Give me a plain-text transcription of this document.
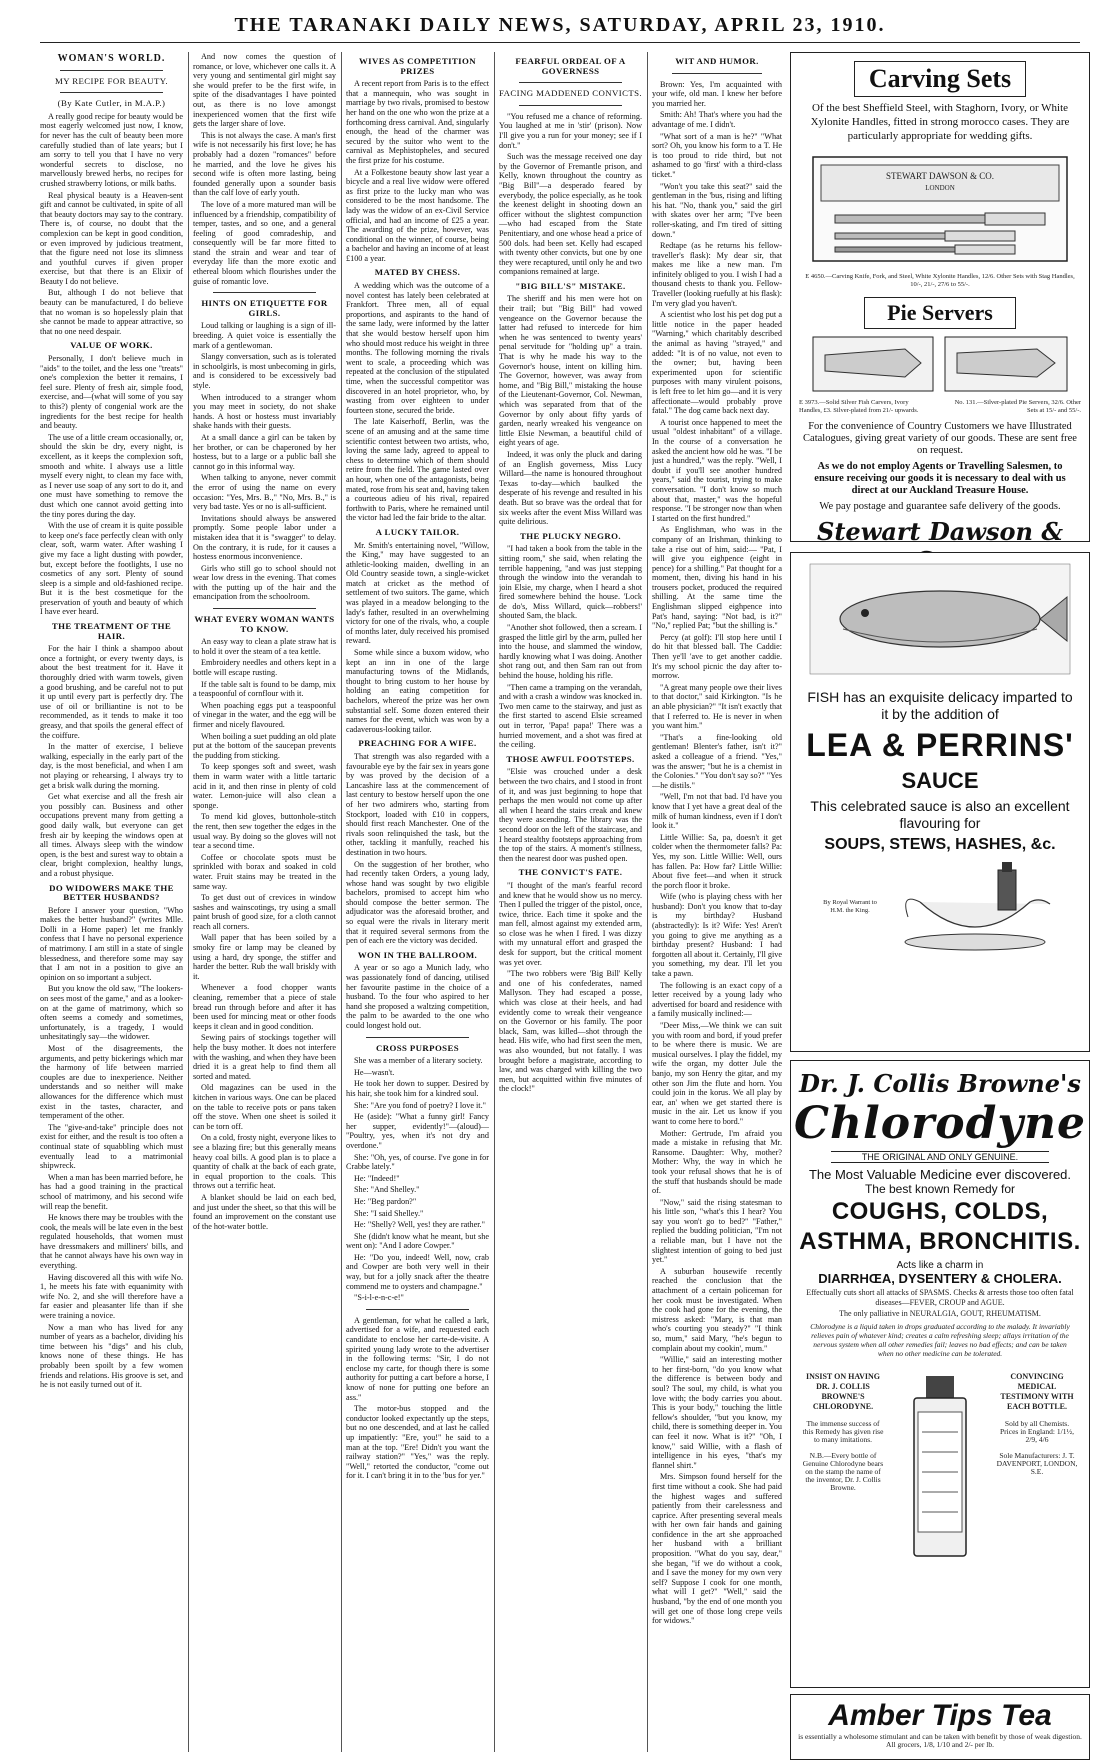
THE TARANAKI DAILY NEWS, SATURDAY, APRIL 23, 1910.
WOMAN'S WORLD.
MY RECIPE FOR BEAUTY.
(By Kate Cutler, in M.A.P.)

A really good recipe for beauty would be most eagerly welcomed just now, I know, for never has the cult of beauty been more carefully studied than of late years; but I am sorry to tell you that I have no very wonderful secrets to disclose, no marvellously brewed herbs, no recipes for crushed strawberry lotions, or milk baths.

Real physical beauty is a Heaven-sent gift and cannot be cultivated, in spite of all that beauty doctors may say to the contrary. There is, of course, no doubt that the complexion can be kept in good condition, or even improved by judicious treatment, that the figure need not lose its slimness and youthful curves if given proper exercise, but that there is an Elixir of Beauty I do not believe.

But, although I do not believe that beauty can be manufactured, I do believe that no woman is so hopelessly plain that she cannot be made to appear attractive, so that no one need despair.

VALUE OF WORK.

Personally, I don't believe much in "aids" to the toilet, and the less one "treats" one's complexion the better it remains, I feel sure. Plenty of fresh air, simple food, exercise, and—(what will some of you say to this?) plenty of congenial work are the ingredients for the best recipe for health and beauty.

The use of a little cream occasionally, or, should the skin be dry, every night, is excellent, as it keeps the complexion soft, smooth and white. I always use a little myself every night, to clean my face with, as I never use soap of any sort to do it, and one must have something to remove the dust which one cannot avoid getting into the tiny pores during the day.

With the use of cream it is quite possible to keep one's face perfectly clean with only clear, soft, warm water. After washing I give my face a light dusting with powder, but, except before the footlights, I use no cosmetics of any sort. Plenty of sound sleep is a simple and old-fashioned recipe. But it is the best cosmetique for the preservation of youth and beauty of which I have ever heard.

THE TREATMENT OF THE HAIR.

For the hair I think a shampoo about once a fortnight, or every twenty days, is about the best treatment for it. Have it thoroughly dried with warm towels, given a good brushing, and be careful not to put it up until every part is perfectly dry. The use of oil or brilliantine is not to be recommended, as it tends to make it too greasy, and that spoils the general effect of the coiffure.

In the matter of exercise, I believe walking, especially in the early part of the day, is the most beneficial, and when I am not playing or rehearsing, I always try to get a brisk walk during the morning.

Get what exercise and all the fresh air you possibly can. Business and other occupations prevent many from getting a good daily walk, but everyone can get fresh air by keeping the windows open at all times. Always sleep with the window open, is the best and surest way to obtain a clear, bright complexion, healthy lungs, and a robust physique.

DO WIDOWERS MAKE THE BETTER HUSBANDS?

Before I answer your question, "Who makes the better husband?" (writes Mlle. Dolli in a Home paper) let me frankly confess that I have no personal experience of matrimony. I am still in a state of single blessedness, and therefore some may say that I am not in a position to give an opinion on so important a subject.

But you know the old saw, "The lookers-on sees most of the game," and as a looker-on at the game of matrimony, which so often seems a comedy and sometimes, unfortunately, is a tragedy, I would unhesitatingly say—the widower.

Most of the disagreements, the arguments, and petty bickerings which mar the harmony of life between married couples are due to inexperience. Neither understands and so neither will make allowances for the difference which must exist in the tastes, character, and temperament of the other.

The "give-and-take" principle does not exist for either, and the result is too often a continual state of squabbling which must eventually lead to a matrimonial shipwreck.

When a man has been married before, he has had a good training in the practical school of matrimony, and his second wife will reap the benefit.

He knows there may be troubles with the cook, the meals will be late even in the best regulated households, that women must have dressmakers and milliners' bills, and that he cannot always have his own way in everything.

Having discovered all this with wife No. 1, he meets his fate with equanimity with wife No. 2, and she will therefore have a far easier and pleasanter life than if she were training a novice.

Now a man who has lived for any number of years as a bachelor, dividing his time between his "digs" and his club, knows none of these things. He has probably been spoilt by a few women friends and relations. His groove is set, and he is not easily turned out of it.

And now comes the question of romance, or love, whichever one calls it. A very young and sentimental girl might say she would prefer to be the first wife, in spite of the disadvantages I have pointed out, as there is no love amongst inexperienced women that the first wife gets the larger share of love.

This is not always the case. A man's first wife is not necessarily his first love; he has probably had a dozen "romances" before he married, and the love he gives his second wife is often more lasting, being founded generally upon a sounder basis than the calf love of early youth.

The love of a more matured man will be influenced by a friendship, compatibility of temper, tastes, and so one, and a general feeling of good comradeship, and consequently will be far more fitted to stand the strain and wear and tear of everyday life than the more exotic and ethereal bloom which flourishes under the guise of romantic love.

HINTS ON ETIQUETTE FOR GIRLS.

Loud talking or laughing is a sign of ill-breeding. A quiet voice is essentially the mark of a gentlewoman.

Slangy conversation, such as is tolerated in schoolgirls, is most unbecoming in girls, and is considered to be excessively bad style.

When introduced to a stranger whom you may meet in society, do not shake hands. A host or hostess must invariably shake hands with their guests.

At a small dance a girl can be taken by her brother, or can be chaperoned by her hostess, but to a large or a public ball she cannot go in this informal way.

When talking to anyone, never commit the error of using the name on every occasion: "Yes, Mrs. B.," "No, Mrs. B.," is very bad taste. Yes or no is all-sufficient.

Invitations should always be answered promptly. Some people labor under a mistaken idea that it is "swagger" to delay. On the contrary, it is rude, for it causes a hostess enormous inconvenience.

Girls who still go to school should not wear low dress in the evening. That comes with the putting up of the hair and the emancipation from the schoolroom.

WHAT EVERY WOMAN WANTS TO KNOW.

An easy way to clean a plate straw hat is to hold it over the steam of a tea kettle.

Embroidery needles and others kept in a bottle will escape rusting.

If the table salt is found to be damp, mix a teaspoonful of cornflour with it.

When poaching eggs put a teaspoonful of vinegar in the water, and the egg will be firmer and nicely flavoured.

When boiling a suet pudding an old plate put at the bottom of the saucepan prevents the pudding from sticking.

To keep sponges soft and sweet, wash them in warm water with a little tartaric acid in it, and then rinse in plenty of cold water. Lemon-juice will also clean a sponge.

To mend kid gloves, buttonhole-stitch the rent, then sew together the edges in the usual way. By doing so the gloves will not tear a second time.

Coffee or chocolate spots must be sprinkled with borax and soaked in cold water. Fruit stains may be treated in the same way.

To get dust out of crevices in window sashes and wainscotings, try using a small paint brush of good size, for a cloth cannot reach all corners.

Wall paper that has been soiled by a smoky fire or lamp may be cleaned by using a hard, dry sponge, the stiffer and harder the better. Rub the wall briskly with it.

Whenever a food chopper wants cleaning, remember that a piece of stale bread run through before and after it has been used for mincing meat or other foods keeps it clean and in good condition.

Sewing pairs of stockings together will help the busy mother. It does not interfere with the washing, and when they have been dried it is a great help to find them all sorted and mated.

Old magazines can be used in the kitchen in various ways. One can be placed on the table to receive pots or pans taken off the stove. When one sheet is soiled it can be torn off.

On a cold, frosty night, everyone likes to see a blazing fire; but this generally means heavy coal bills. A good plan is to place a quantity of chalk at the back of each grate, in equal proportion to the coals. This throws out a terrific heat.

A blanket should be laid on each bed, and just under the sheet, so that this will be found an improvement on the constant use of the hot-water bottle.

WIVES AS COMPETITION PRIZES

A recent report from Paris is to the effect that a mannequin, who was sought in marriage by two rivals, promised to bestow her hand on the one who won the prize at a forthcoming dress carnival. And, singularly enough, the head of the charmer was secured by the suitor who went to the carnival as Mephistopheles, and secured the first prize for his costume.

At a Folkestone beauty show last year a bicycle and a real live widow were offered as first prize to the lucky man who was considered to be the most handsome. The lady was the widow of an ex-Civil Service official, and had an income of £25 a year. The awarding of the prize, however, was conditional on the winner, of course, being a bachelor and having an income of at least £100 a year.

MATED BY CHESS.

A wedding which was the outcome of a novel contest has lately been celebrated at Frankfort. Three men, all of equal proportions, and aspirants to the hand of the same lady, were informed by the latter that she would bestow herself upon him who should most reduce his weight in three months. The following morning the rivals went to scale, a proceeding which was repeated at the conclusion of the stipulated time, when the successful competitor was discovered in an hotel proprietor, who, by wasting from over eighteen to under fourteen stone, secured the bride.

The late Kaiserhoff, Berlin, was the scene of an amusing and at the same time scientific contest between two artists, who, loving the same lady, agreed to appeal to chess to determine which of them should retire from the field. The game lasted over an hour, when one of the antagonists, being mated, rose from his seat and, having taken a courteous adieu of his rival, repaired forthwith to Paris, where he remained until the victor had led the fair bride to the altar.

A LUCKY TAILOR.

Mr. Smith's entertaining novel, "Willow, the King," may have suggested to an athletic-looking maiden, dwelling in an Old Country seaside town, a single-wicket match at cricket as the method of settlement of two suitors. The game, which was played in a meadow belonging to the lady's father, resulted in an overwhelming victory for one of the rivals, who, a couple of months later, duly received his promised reward.

Some while since a buxom widow, who kept an inn in one of the large manufacturing towns of the Midlands, thought to bring custom to her house by holding an eating competition for bachelors, whereof the prize was her own substantial self. Some dozen entered their names for the event, which was won by a cadaverous-looking tailor.

PREACHING FOR A WIFE.

That strength was also regarded with a favourable eye by the fair sex in years gone by was proved by the decision of a Lancashire lass at the commencement of last century to bestow herself upon the one of her two admirers who, starting from Stockport, loaded with £10 in coppers, should first reach Manchester. One of the rivals soon relinquished the task, but the other, tackling it manfully, reached his destination in two hours.

On the suggestion of her brother, who had recently taken Orders, a young lady, whose hand was sought by two eligible bachelors, promised to accept him who should compose the better sermon. The adjudicator was the aforesaid brother, and so equal were the rivals in literary merit that it required several sermons from the pen of each ere the victory was decided.

WON IN THE BALLROOM.

A year or so ago a Munich lady, who was passionately fond of dancing, utilised her favourite pastime in the choice of a husband. To the four who aspired to her hand she proposed a waltzing competition, the palm to be awarded to the one who could longest hold out.

CROSS PURPOSES

She was a member of a literary society.

He—wasn't.

He took her down to supper. Desired by his hair, she took him for a kindred soul.

She: "Are you fond of poetry? I love it."

He (aside): "What a funny girl! Fancy her supper, evidently!"—(aloud)— "Poultry, yes, when it's not dry and overdone."

She: "Oh, yes, of course. I've gone in for Crabbe lately."

He: "Indeed!"

She: "And Shelley."

He: "Beg pardon?"

She: "I said Shelley."

He: "Shelly? Well, yes! they are rather."

She (didn't know what he meant, but she went on): "And I adore Cowper."

He: "Do you, indeed! Well, now, crab and Cowper are both very well in their way, but for a jolly snack after the theatre commend me to oysters and champagne."

"S-i-l-e-n-c-e!"

A gentleman, for what he called a lark, advertised for a wife, and requested each candidate to enclose her carte-de-visite. A spirited young lady wrote to the advertiser in the following terms: "Sir, I do not enclose my carte, for though there is some authority for putting a cart before a horse, I know of none for putting one before an ass."

The motor-bus stopped and the conductor looked expectantly up the steps, but no one descended, and at last he called up impatiently: "Ere, you!" he said to a man at the top. "Ere! Didn't you want the railway station?" "Yes," was the reply. "Well," retorted the conductor, "come out for it. I can't bring it in to the 'bus for yer."

FEARFUL ORDEAL OF A GOVERNESS
FACING MADDENED CONVICTS.

"You refused me a chance of reforming. You laughed at me in 'stir' (prison). Now I'll give you a run for your money; see if I don't."

Such was the message received one day by the Governor of Fremantle prison, and Kelly, known throughout the country as "Big Bill"—a desperado feared by everybody, the police especially, as he took the keenest delight in shooting down an officer without the slightest compunction—who had escaped from the State Penitentiary, and one whose head a price of 500 dols. had been set. Kelly had escaped with twenty other convicts, but one by one they were recaptured, until only he and two companions remained at large.

"BIG BILL'S" MISTAKE.

The sheriff and his men were hot on their trail; but "Big Bill" had vowed vengeance on the Governor because the latter had refused to intercede for him when he was sentenced to twenty years' penal servitude for "holding up" a train. That is why he made his way to the Governor's house, intent on killing him. The Governor, however, was away from home, and "Big Bill," mistaking the house of the Lieutenant-Governor, Col. Newman, which was separated from that of the Governor by only about fifty yards of garden, nearly wreaked his vengeance on little Elsie Newman, a beautiful child of eight years of age.

Indeed, it was only the pluck and daring of an English governess, Miss Lucy Willard—the name is honoured throughout Texas to-day—which baulked the desperate of his revenge and resulted in his death. But so brave was the ordeal that for six weeks after the event Miss Willard was quite delirious.

THE PLUCKY NEGRO.

"I had taken a book from the table in the sitting room," she said, when relating the terrible happening, "and was just stepping through the window into the verandah to join Elsie, my charge, when I heard a shot fired somewhere behind the house. 'Lock de do's, Miss Willard, quick—robbers!' shouted Sam, the black.

"Another shot followed, then a scream. I grasped the little girl by the arm, pulled her into the house, and slammed the window, hardly knowing what I was doing. Another shot rang out, and then Sam ran out from behind the house, holding his rifle.

"Then came a tramping on the verandah, and with a crash a window was knocked in. Two men came to the stairway, and just as the first started to ascend Elsie screamed out in terror, 'Papa! papa!' There was a hurried movement, and a shot was fired at the ceiling.

THOSE AWFUL FOOTSTEPS.

"Elsie was crouched under a desk between the two chairs, and I stood in front of it, and was just beginning to hope that perhaps the men would not come up after all when I heard the stairs creak and knew they were ascending. The library was the second door on the left of the staircase, and I heard stealthy footsteps approaching from the top of the stairs. A moment's stillness, then the nearest door was pushed open.

THE CONVICT'S FATE.

"I thought of the man's fearful record and knew that he would show us no mercy. Then I pulled the trigger of the pistol, once, twice, thrice. Each time it spoke and the man fell, almost against my extended arm, so close was he when I fired. I was dizzy with my unnatural effort and grasped the desk for support, but the critical moment was yet over.

"The two robbers were 'Big Bill' Kelly and one of his confederates, named Mallyson. They had escaped a posse, which was close at their heels, and had evidently come to wreak their vengeance on the Governor or his family. The poor black, Sam, was killed—shot through the head. His wife, who had first seen the men, was also wounded, but not fatally. I was brought before a magistrate, according to law, and was charged with killing the two men, but acquitted within five minutes of the clock!"

WIT AND HUMOR.

Brown: Yes, I'm acquainted with your wife, old man. I knew her before you married her.

Smith: Ah! That's where you had the advantage of me. I didn't.

"What sort of a man is he?" "What sort? Oh, you know his form to a T. He is too proud to ride third, but not ashamed to go 'first' with a third-class ticket."

"Won't you take this seat?" said the gentleman in the 'bus, rising and lifting his hat. "No, thank you," said the girl with skates over her arm; "I've been roller-skating, and I'm tired of sitting down."

Redtape (as he returns his fellow-traveller's flask): My dear sir, that makes me like a new man. I'm infinitely obliged to you. I wish I had a thousand chests to thank you. Fellow-Traveller (looking ruefully at his flask): I'm very glad you haven't.

A scientist who lost his pet dog put a little notice in the paper headed "Warning," which charitably described the animal as having "strayed," and added: "It is of no value, not even to the owner; but, having been experimented upon for scientific purposes with many virulent poisons, is left free to let him go—and it is very affectionate—would probably prove fatal." The dog came back next day.

A tourist once happened to meet the usual "oldest inhabitant" of a village. In the course of a conversation he asked the ancient how old he was. "I be just a hundred," was the reply. "Well, I doubt if you'll see another hundred years," said the tourist, trying to make conversation. "I don't know so much about that, master," was the hopeful response. "I be stronger now than when I started on the first hundred."

As Englishman, who was in the company of an Irishman, thinking to take a rise out of him, said:— "Pat, I will give you eighpence (eight in pence) for a shilling." Pat thought for a moment, then, diving his hand in his trousers pocket, produced the required shilling. At the same time the Englishman slipped eighpence into Pat's hand, saying: "Not bad, is it?" "No," replied Pat; "but the shilling is."

Percy (at golf): I'll stop here until I do hit that blessed ball. The Caddie: Then ye'll 'ave to get another caddie. It's my school picnic the day after to-morrow.

"A great many people owe their lives to that doctor," said Kirkington. "Is he an able physician?" "It isn't exactly that that I referred to. He is never in when you want him."

"That's a fine-looking old gentleman! Blenter's father, isn't it?" asked a colleague of a friend. "Yes," was the answer; "but he is a chemist in the Colonies." "You don't say so?" "Yes—he distils."

"Well, I'm not that bad. I'd have you know that I yet have a great deal of the milk of human kindness, even if I don't look it."

Little Willie: Sa, pa, doesn't it get colder when the thermometer falls? Pa: Yes, my son. Little Willie: Well, ours has fallen. Pa: How far? Little Willie: About five feet—and when it struck the porch floor it broke.

Wife (who is playing chess with her husband): Don't you know that to-day is my birthday? Husband (abstractedly): Is it? Wife: Yes! Aren't you going to give me anything as a birthday present? Husband: I had forgotten all about it. Certainly, I'll give you something, my dear. I'll let you take a pawn.

The following is an exact copy of a letter received by a young lady who advertised for board and residence with a family musically inclined:—

"Deer Miss,—We think we can suit you with room and bord, if youd prefer to be where there is music. We are musical ourselves. I play the fiddel, my wife the organ, my dotter Jule the banjo, my son Henry the gitar, and my other son Jim the flute and horn. You could join in the korus. We all play by ear, an' when we get started there is music in the air. Let us know if you want to come here to bord."

Mother: Gertrude, I'm afraid you made a mistake in refusing that Mr. Ransome. Daughter: Why, mother? Mother: Why, the way in which he took your refusal shows that he is of the stuff that husbands should be made of.

"Now," said the rising statesman to his little son, "what's this I hear? You say you won't go to bed?" "Father," replied the budding politician, "I'm not a reliable man, but I have not the slightest intention of going to bed just yet."

A suburban housewife recently reached the conclusion that the attachment of a certain policeman for her cook must be investigated. When the cook had gone for the evening, the mistress asked: "Mary, is that man who's courting you steady?" "I think so, mum," said Mary, "he's begun to complain about my cookin', mum."

"Willie," said an interesting mother to her first-born, "do you know what the difference is between body and soul? The soul, my child, is what you love with; the body carries you about. This is your body," touching the little fellow's shoulder, "but you know, my child, there is something deeper in. You can feel it now. What is it?" "Oh, I know," said Willie, with a flash of intelligence in his eyes, "that's my flannel shirt."

Mrs. Simpson found herself for the first time without a cook. She had paid the highest wages and suffered patiently from their carelessness and caprice. After presenting several meals with her own fair hands and gaining confidence in the art she approached her husband with a brilliant proposition. "What do you say, dear," she began, "if we do without a cook, and I save the money for my own very self? Suppose I cook for one month, what will I get?" "Well," said the husband, "by the end of one month you will get one of those long crepe veils for widows."

Carving Sets
Of the best Sheffield Steel, with Staghorn, Ivory, or White Xylonite Handles, fitted in strong morocco cases. They are particularly appropriate for wedding gifts.
STEWART DAWSON & CO.
LONDON
E 4650.—Carving Knife, Fork, and Steel, White Xylonite Handles, 12/6. Other Sets with Stag Handles, 10/-, 21/-, 27/6 to 55/-.
Pie Servers
E 3973.—Solid Silver Fish Carvers, Ivory Handles, £3. Silver-plated from 21/- upwards.
No. 131.—Silver-plated Pie Servers, 32/6. Other Sets at 15/- and 55/-.
For the convenience of Country Customers we have Illustrated Catalogues, giving great variety of our goods. These are sent free on request.
As we do not employ Agents or Travelling Salesmen, to ensure receiving our goods it is necessary to deal with us direct at our Auckland Treasure House.
We pay postage and guarantee safe delivery of the goods.
Stewart Dawson &
FISH has an exquisite delicacy imparted to it by the addition of
LEA & PERRINS'
SAUCE
This celebrated sauce is also an excellent flavouring for
SOUPS, STEWS, HASHES, &c.
By Royal Warrant to H.M. the King.
Dr. J. Collis Browne's
Chlorodyne
THE ORIGINAL AND ONLY GENUINE.
The Most Valuable Medicine ever discovered.
The best known Remedy for
COUGHS, COLDS,
ASTHMA, BRONCHITIS.
Acts like a charm in
DIARRHŒA, DYSENTERY & CHOLERA.
Effectually cuts short all attacks of SPASMS. Checks & arrests those too often fatal diseases—FEVER, CROUP and AGUE.
The only palliative in NEURALGIA, GOUT, RHEUMATISM.
Chlorodyne is a liquid taken in drops graduated according to the malady. It invariably relieves pain of whatever kind; creates a calm refreshing sleep; allays irritation of the nervous system when all other remedies fail; leaves no bad effects; and can be taken when no other medicine can be tolerated.
INSIST ON HAVING DR. J. COLLIS BROWNE'S CHLORODYNE.
The immense success of this Remedy has given rise to many imitations.
N.B.—Every bottle of Genuine Chlorodyne bears on the stamp the name of the inventor, Dr. J. Collis Browne.
CONVINCING MEDICAL TESTIMONY WITH EACH BOTTLE.
Sold by all Chemists. Prices in England: 1/1½, 2/9, 4/6
Sole Manufacturers: J. T. DAVENPORT, LONDON, S.E.
Amber Tips Tea
is essentially a wholesome stimulant and can be taken with benefit by those of weak digestion. All grocers, 1/8, 1/10 and 2/- per lb.
